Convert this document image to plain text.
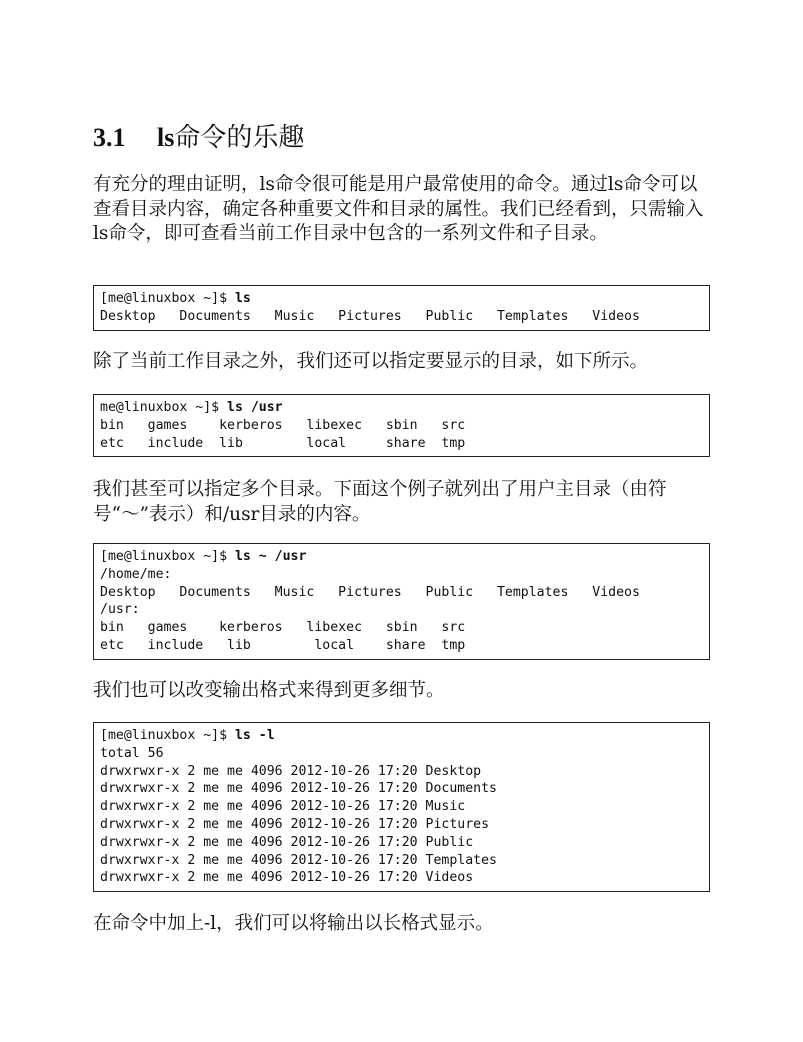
3.1 ls命令的乐趣

有充分的理由证明，ls命令很可能是用户最常使用的命令。通过ls命令可以查看目录内容，确定各种重要文件和目录的属性。我们已经看到，只需输入ls命令，即可查看当前工作目录中包含的一系列文件和子目录。

[me@linuxbox ~]$ ls
Desktop   Documents   Music   Pictures   Public   Templates   Videos

除了当前工作目录之外，我们还可以指定要显示的目录，如下所示。

me@linuxbox ~]$ ls /usr
bin   games    kerberos   libexec   sbin   src
etc   include  lib        local     share  tmp

我们甚至可以指定多个目录。下面这个例子就列出了用户主目录（由符号“～”表示）和/usr目录的内容。

[me@linuxbox ~]$ ls ~ /usr
/home/me:
Desktop   Documents   Music   Pictures   Public   Templates   Videos
/usr:
bin   games    kerberos   libexec   sbin   src
etc   include   lib        local    share  tmp

我们也可以改变输出格式来得到更多细节。

[me@linuxbox ~]$ ls -l
total 56
drwxrwxr-x 2 me me 4096 2012-10-26 17:20 Desktop
drwxrwxr-x 2 me me 4096 2012-10-26 17:20 Documents
drwxrwxr-x 2 me me 4096 2012-10-26 17:20 Music
drwxrwxr-x 2 me me 4096 2012-10-26 17:20 Pictures
drwxrwxr-x 2 me me 4096 2012-10-26 17:20 Public
drwxrwxr-x 2 me me 4096 2012-10-26 17:20 Templates
drwxrwxr-x 2 me me 4096 2012-10-26 17:20 Videos

在命令中加上-l，我们可以将输出以长格式显示。
